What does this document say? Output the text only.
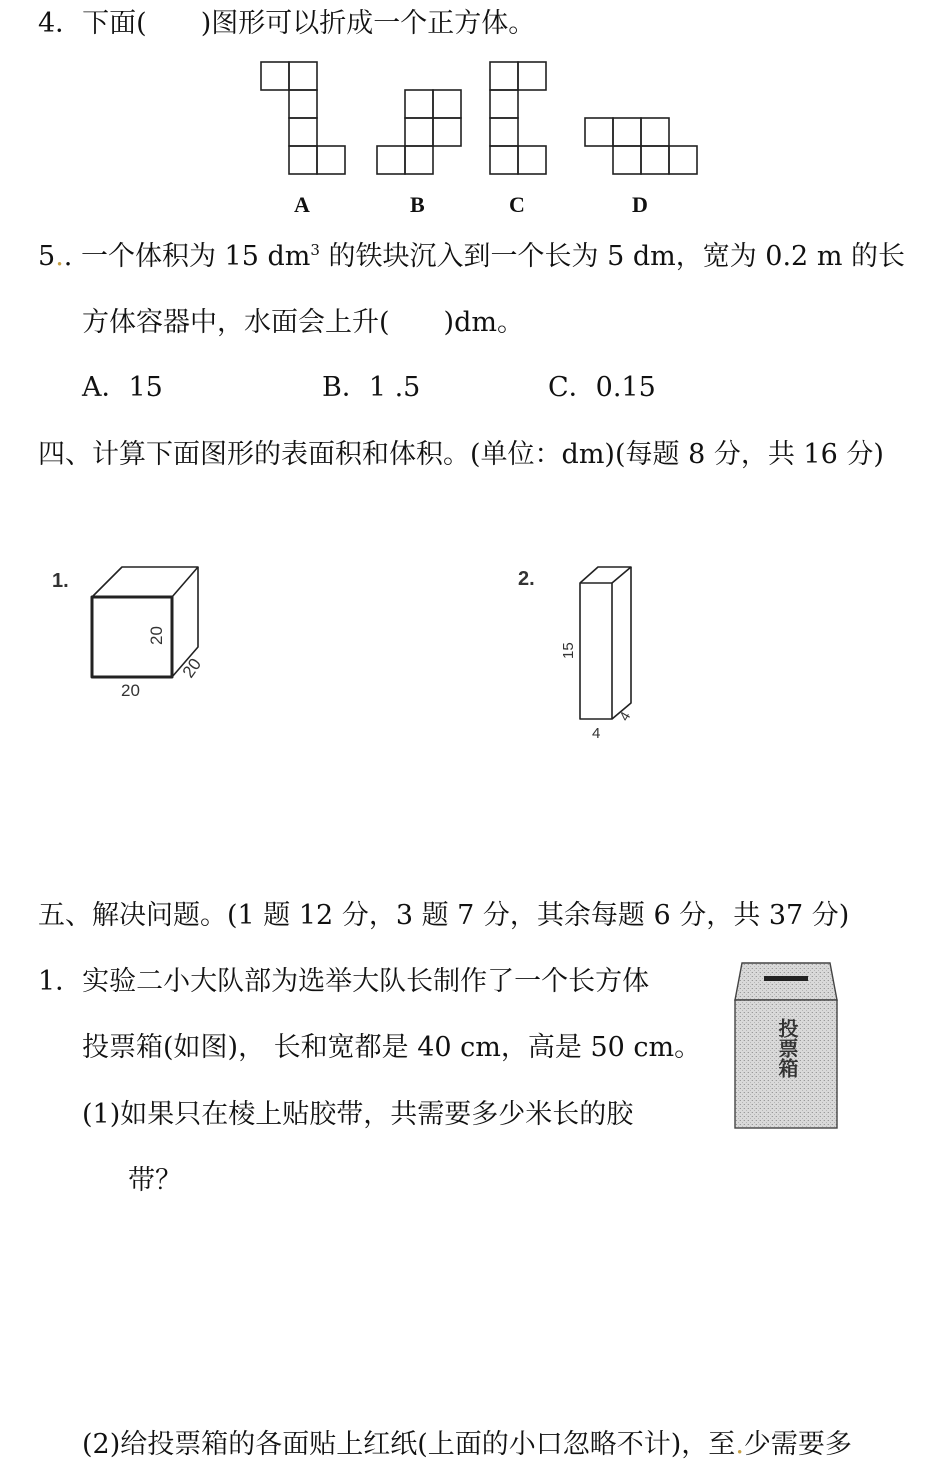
4．下面(　　)图形可以折成一个正方体。
A	B	C	D
5.. 一个体积为 15 $dm^3$ 的铁块沉入到一个长为 5 dm，宽为 0.2 m 的长
方体容器中，水面会上升(　　)dm。
A．15	B．1 .5	C．0.15
四、计算下面图形的表面积和体积。(单位：dm)(每题 8 分，共 16 分)
1.
20
20
20
2.
15
4
4
五、解决问题。(1 题 12 分，3 题 7 分，其余每题 6 分，共 37 分)
1．实验二小大队部为选举大队长制作了一个长方体
投票箱(如图)， 长和宽都是 40 cm，高是 50 cm。
(1)如果只在棱上贴胶带，共需要多少米长的胶
带？
投票箱
(2)给投票箱的各面贴上红纸(上面的小口忽略不计)，至.少需要多
